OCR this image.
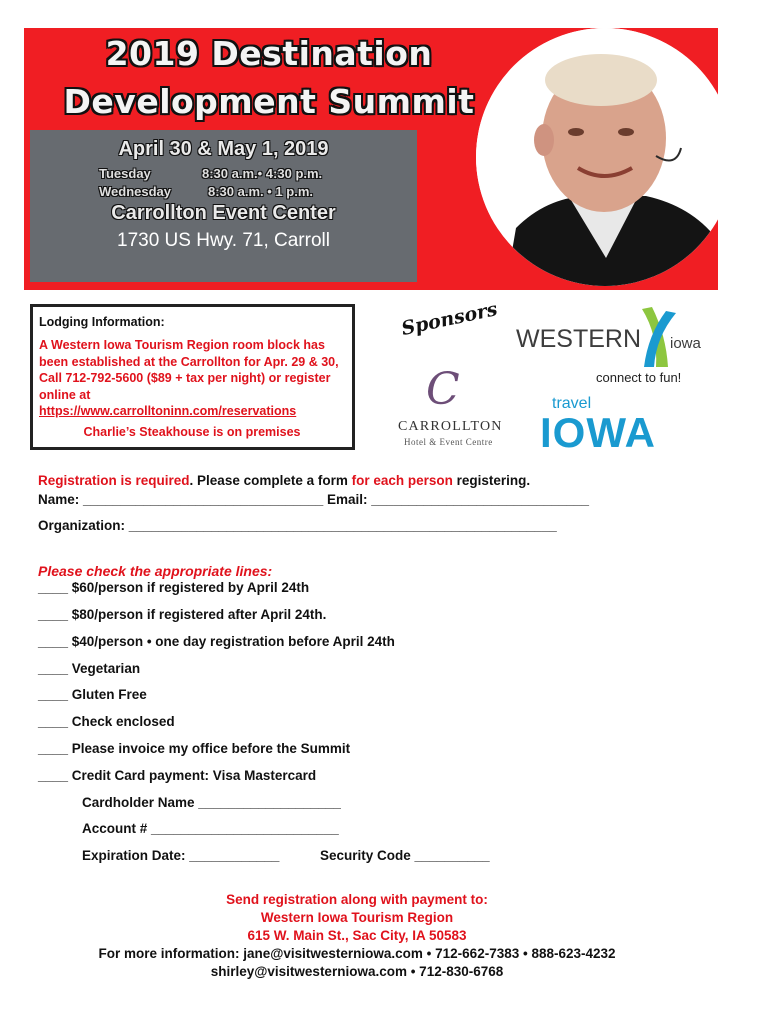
2019 Destination
Development Summit
April 30 & May 1, 2019
Tuesday	8:30 a.m.• 4:30 p.m.
Wednesday	8:30 a.m. • 1 p.m.
Carrollton Event Center
1730 US Hwy. 71, Carroll
Lodging Information:
A Western Iowa Tourism Region room block has been established at the Carrollton for Apr. 29 & 30, Call 712-792-5600 ($89 + tax per night) or register online at
https://www.carrolltoninn.com/reservations
Charlie’s Steakhouse is on premises
Sponsors WESTERN iowa
connect to fun!
C
CARROLLTON
Hotel & Event Centre
travel
IOWA
Registration is required. Please complete a form for each person registering.
Name: ________________________________ Email: _____________________________
Organization: _________________________________________________________
Please check the appropriate lines:
____ $60/person if registered by April 24th
____ $80/person if registered after April 24th.
____ $40/person • one day registration before April 24th
____ Vegetarian
____ Gluten Free
____ Check enclosed
____ Please invoice my office before the Summit
____ Credit Card payment: Visa Mastercard
Cardholder Name ___________________
Account # _________________________
Expiration Date: ____________	Security Code __________
Send registration along with payment to:
Western Iowa Tourism Region
615 W. Main St., Sac City, IA 50583
For more information: jane@visitwesterniowa.com • 712-662-7383 • 888-623-4232
shirley@visitwesterniowa.com • 712-830-6768
